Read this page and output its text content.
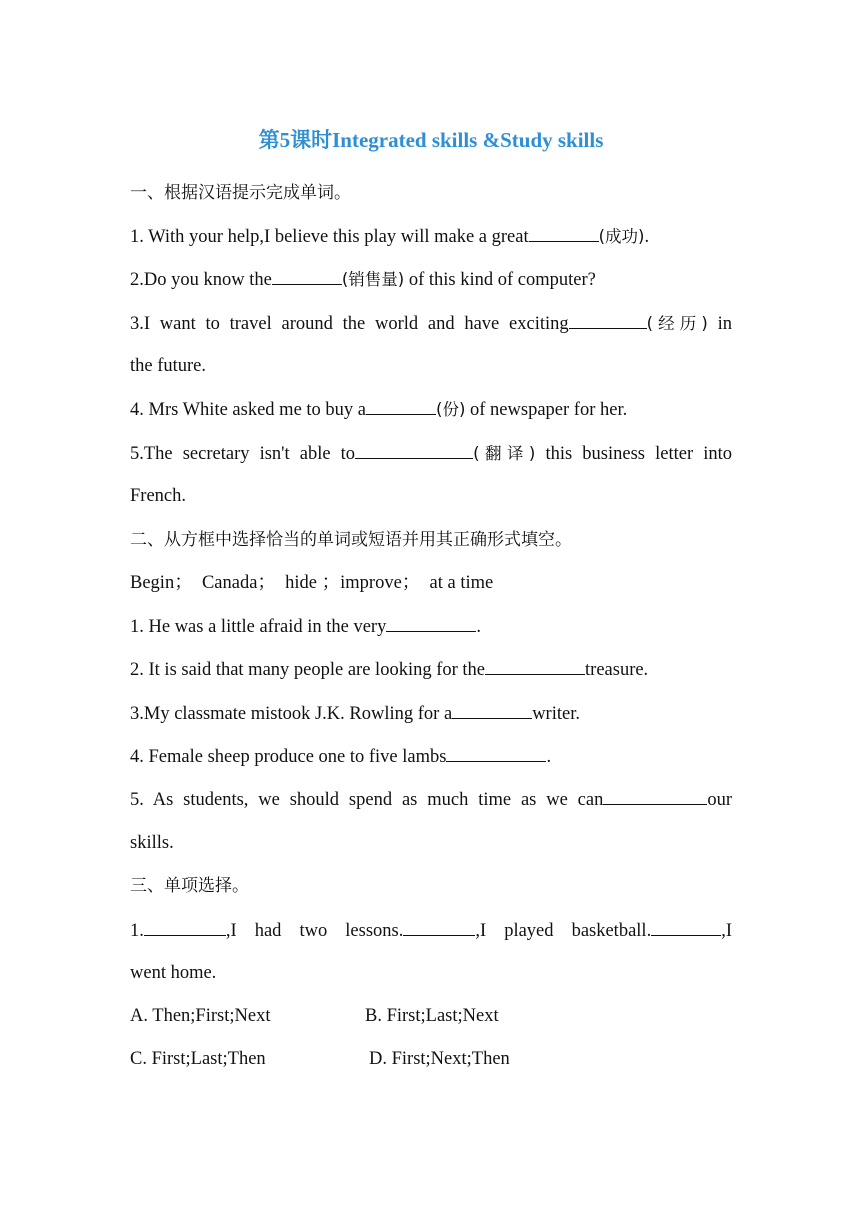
第5课时Integrated skills &Study skills
一、根据汉语提示完成单词。
1. With your help,I believe this play will make a great	(成功).
2.Do you know the	(销售量) of this kind of computer?
3.I want to travel around the world and have exciting	(经历) in
the future.
4. Mrs White asked me to buy a	(份) of newspaper for her.
5.The secretary isn't able to	(翻译) this business letter into
French.
二、从方框中选择恰当的单词或短语并用其正确形式填空。
Begin；  Canada；  hide ；improve；  at a time
1. He was a little afraid in the very	.
2. It is said that many people are looking for the	treasure.
3.My classmate mistook J.K. Rowling for a	writer.
4. Female sheep produce one to five lambs	.
5. As students, we should spend as much time as we can	our
skills.
三、单项选择。
1.	,I had two lessons.	,I played basketball.	,I
went home.
A. Then;First;Next	B. First;Last;Next
C. First;Last;Then	D. First;Next;Then
